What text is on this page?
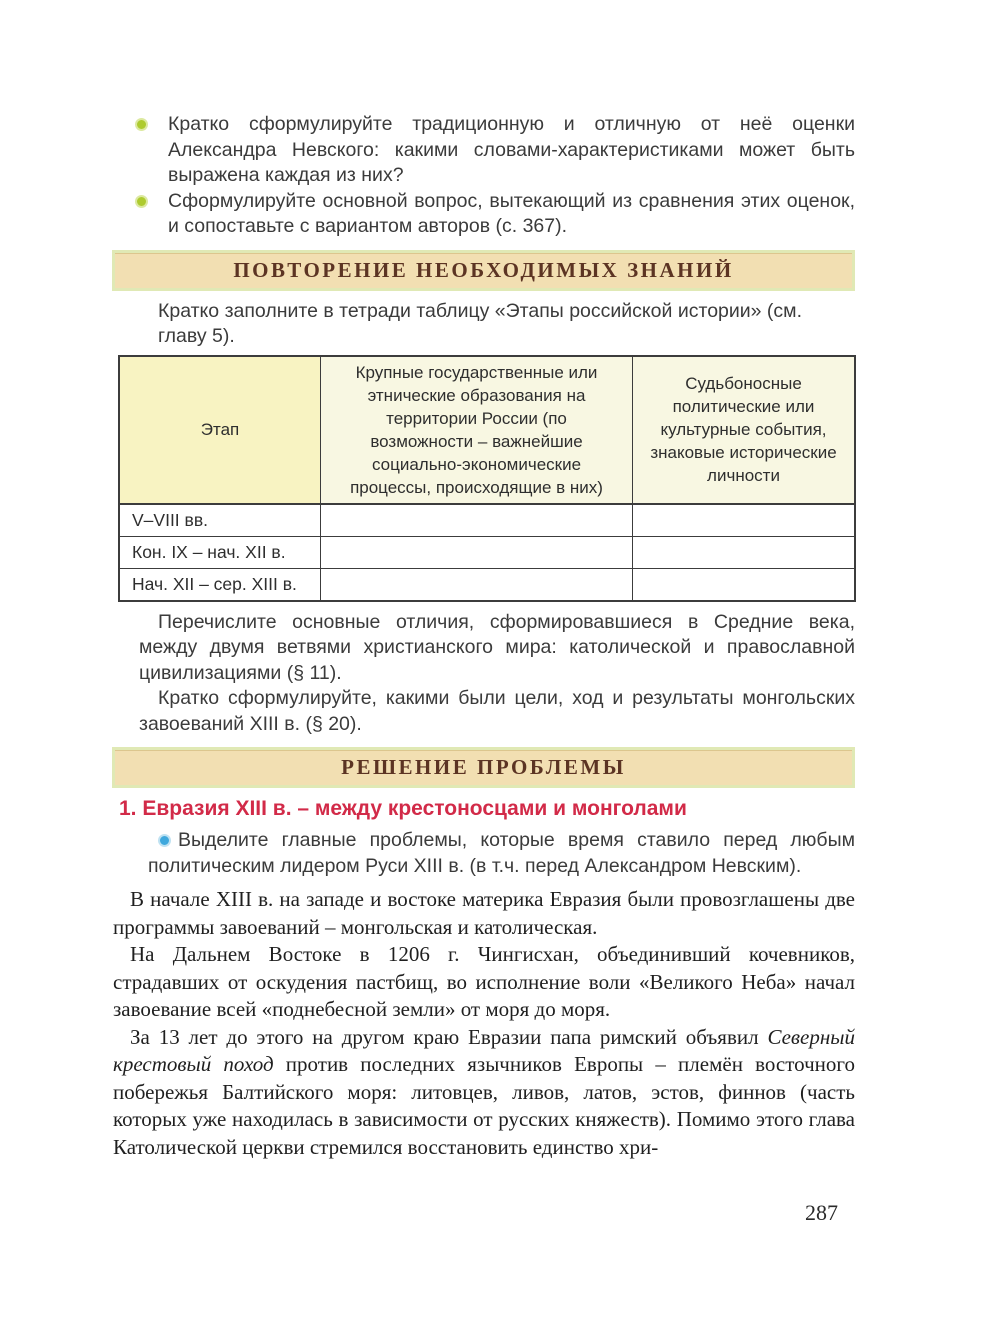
Кратко сформулируйте традиционную и отличную от неё оценки Александра Невского: какими словами-характеристиками может быть выражена каждая из них?
Сформулируйте основной вопрос, вытекающий из сравнения этих оценок, и сопоставьте с вариантом авторов (с. 367).
ПОВТОРЕНИЕ НЕОБХОДИМЫХ ЗНАНИЙ

Кратко заполните в тетради таблицу «Этапы российской истории» (см. главу 5).

Этап	Крупные государственные или этнические образования на территории России (по возможности – важнейшие социально-экономические процессы, происходящие в них)	Судьбоносные политические или культурные события, знаковые исторические личности
V–VIII вв.		
Кон. IX – нач. XII в.		
Нач. XII – сер. XIII в.		

Перечислите основные отличия, сформировавшиеся в Средние века, между двумя ветвями христианского мира: католической и православной цивилизациями (§ 11).

Кратко сформулируйте, какими были цели, ход и результаты монгольских завоеваний XIII в. (§ 20).

РЕШЕНИЕ ПРОБЛЕМЫ
1. Евразия XIII в. – между крестоносцами и монголами

Выделите главные проблемы, которые время ставило перед любым политическим лидером Руси XIII в. (в т.ч. перед Александром Невским).

В начале XIII в. на западе и востоке материка Евразия были провозглашены две программы завоеваний – монгольская и католическая.

На Дальнем Востоке в 1206 г. Чингисхан, объединивший кочевников, страдавших от оскудения пастбищ, во исполнение воли «Великого Неба» начал завоевание всей «поднебесной земли» от моря до моря.

За 13 лет до этого на другом краю Евразии папа римский объявил Северный крестовый поход против последних язычников Европы – племён восточного побережья Балтийского моря: литовцев, ливов, латов, эстов, финнов (часть которых уже находилась в зависимости от русских княжеств). Помимо этого глава Католической церкви стремился восстановить единство хри-

287
